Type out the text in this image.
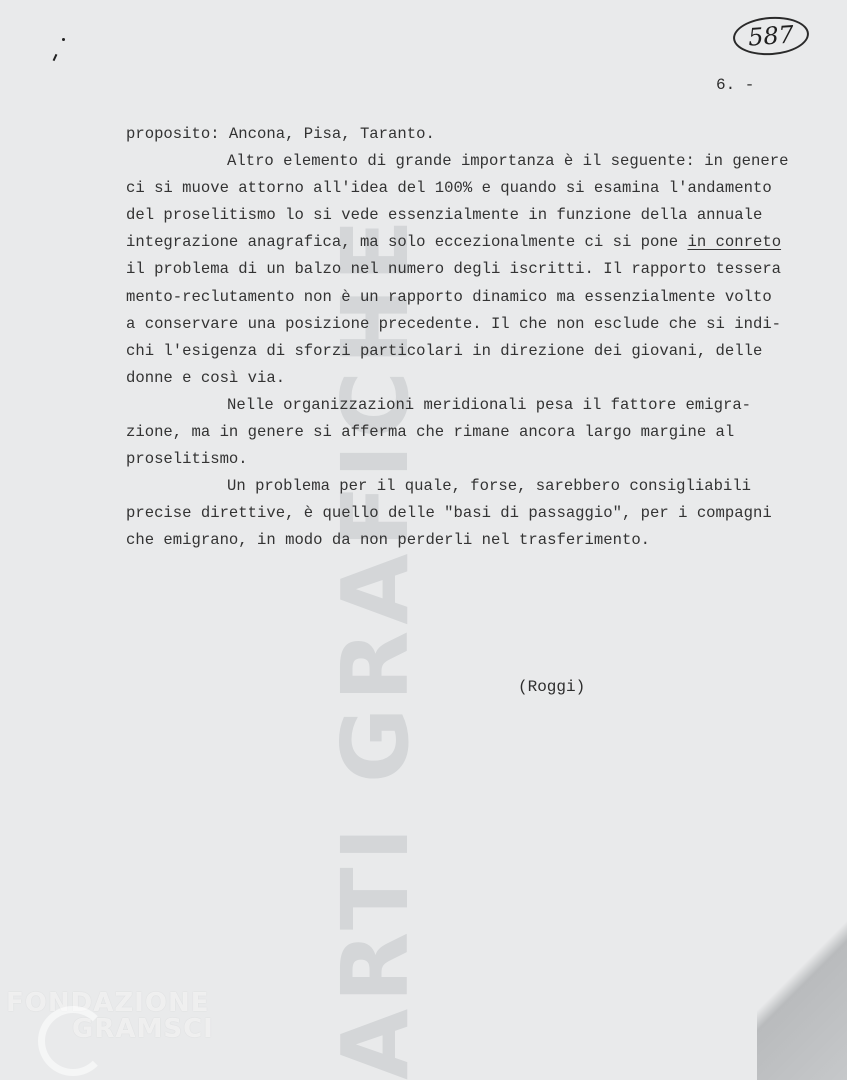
ARTI GRAFICHE
587
6. -
proposito: Ancona, Pisa, Taranto.
Altro elemento di grande importanza è il seguente: in genere
ci si muove attorno all'idea del 100% e quando si esamina l'andamento
del proselitismo lo si vede essenzialmente in funzione della annuale
integrazione anagrafica, ma solo eccezionalmente ci si pone in conreto
il problema di un balzo nel numero degli iscritti. Il rapporto tessera
mento-reclutamento non è un rapporto dinamico ma essenzialmente volto
a conservare una posizione precedente. Il che non esclude che si indi-
chi l'esigenza di sforzi particolari in direzione dei giovani, delle
donne e così via.
Nelle organizzazioni meridionali pesa il fattore emigra-
zione, ma in genere si afferma che rimane ancora largo margine al
proselitismo.
Un problema per il quale, forse, sarebbero consigliabili
precise direttive, è quello delle "basi di passaggio", per i compagni
che emigrano, in modo da non perderli nel trasferimento.
(Roggi)
FONDAZIONE
GRAMSCI
